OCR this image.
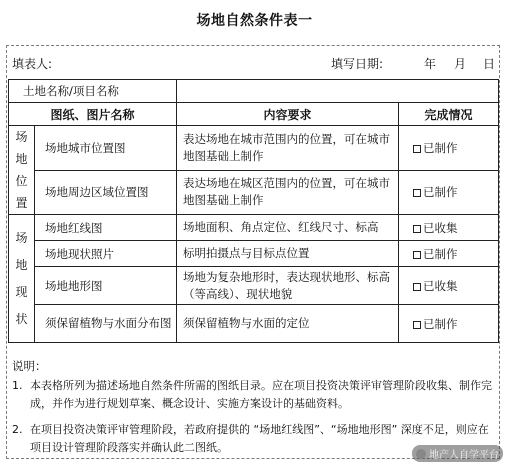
场地自然条件表一
填表人:	填写日期:	年 月 日
土地名称/项目名称			
图纸、图片名称		内容要求	完成情况

场
地
位
置	场地城市位置图	表达场地在城市范围内的位置，可在城市地图基础上制作	已制作
	场地周边区域位置图	表达场地在城区范围内的位置，可在城市地图基础上制作	已制作

场
地
现
状	场地红线图	场地面积、角点定位、红线尺寸、标高	已收集
	场地现状照片	标明拍摄点与目标点位置	已制作
	场地地形图	场地为复杂地形时，表达现状地形、标高（等高线）、现状地貌	已收集
	须保留植物与水面分布图	须保留植物与水面的定位	已制作
说明：
1. 本表格所列为描述场地自然条件所需的图纸目录。应在项目投资决策评审管理阶段收集、制作完成，并作为进行规划草案、概念设计、实施方案设计的基础资料。
2. 在项目投资决策评审管理阶段，若政府提供的 “场地红线图”、“场地地形图” 深度不足，则应在项目设计管理阶段落实并确认此二图纸。
地产人自学平台
